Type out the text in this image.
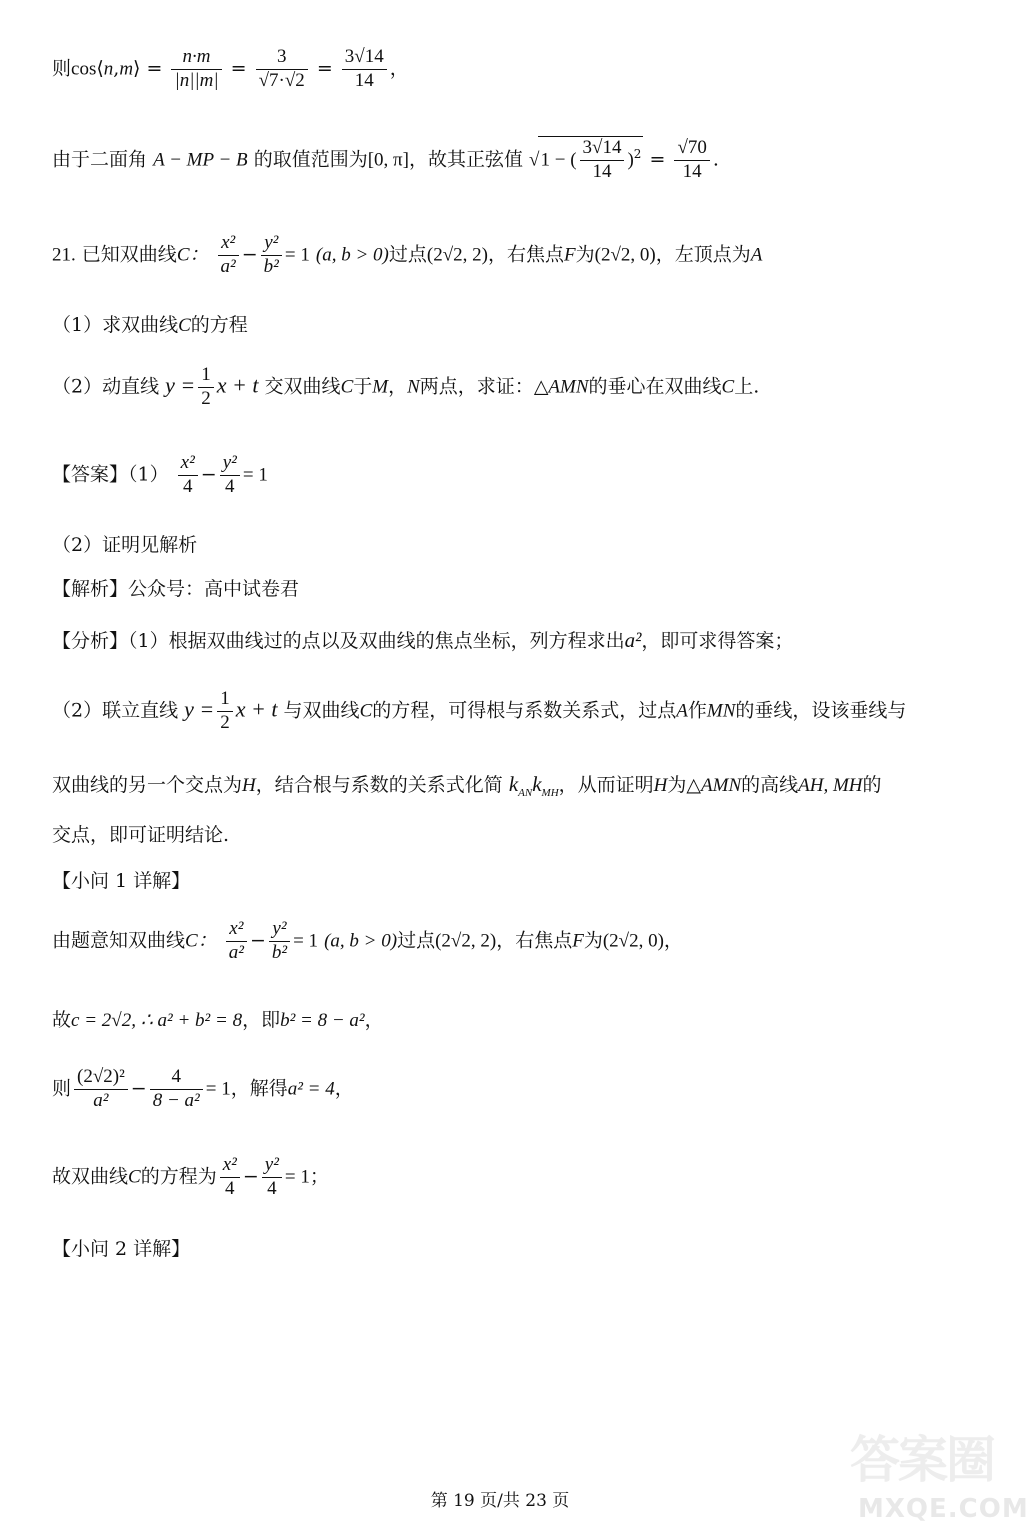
则cos⟨n,m⟩ = $\frac{n\cdot m}{|n||m|} = \frac{3}{√7\cdot√2} = \frac{3√14}{14}$ ，
由于二面角 A − MP − B 的取值范围为[0, π]，故其正弦值 √1 − ( $\frac{3√14}{14} )^2 = \frac{√70}{14}$ .
21. 已知双曲线C： $\frac{\text{x²}}{\text{a²}} - \frac{\text{y²}}{\text{b²}} = 1$ (a, b > 0)过点(2√2, 2)，右焦点F为(2√2, 0)，左顶点为A
（1）求双曲线C的方程
（2）动直线 $y = \frac{1}{2}$ x + t 交双曲线C于M，N两点，求证：△AMN的垂心在双曲线C上.
【答案】$(1) \frac{\text{x²}}{4} - \frac{\text{y²}}{4} = 1$
（2）证明见解析
【解析】公众号：高中试卷君
【分析】（1）根据双曲线过的点以及双曲线的焦点坐标，列方程求出a²，即可求得答案；
（2）联立直线 $y = \frac{1}{2}$ x + t 与双曲线C的方程，可得根与系数关系式，过点A作MN的垂线，设该垂线与
双曲线的另一个交点为H，结合根与系数的关系式化简 $k_{AN}k_{MH}$，从而证明H为△AMN的高线AH, MH的
交点，即可证明结论.
【小问 1 详解】
由题意知双曲线C： $\frac{\text{x²}}{\text{a²}} - \frac{\text{y²}}{\text{b²}} = 1$ (a, b > 0)过点(2√2, 2)，右焦点F为(2√2, 0)，
故c = 2√2, ∴ a² + b² = 8，即b² = 8 − a²，
则 $\frac{\text{(2√2)²}}{\text{a²}} - \frac{4}{\text{8 − a²}} = 1$，解得a² = 4，
故双曲线C的方程为 $\frac{\text{x²}}{4} - \frac{\text{y²}}{4} = 1$；
【小问 2 详解】
答案圈
MXQE.COM
第 19 页/共 23 页
